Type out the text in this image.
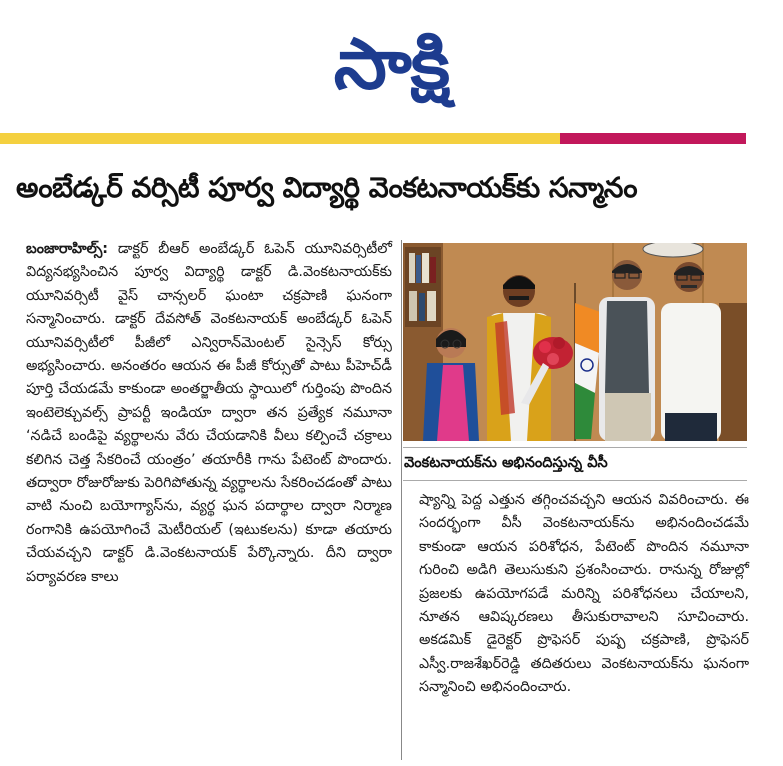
సాక్షి
అంబేడ్కర్ వర్సిటీ పూర్వ విద్యార్థి వెంకటనాయక్‌కు సన్మానం

బంజారాహిల్స్: డాక్టర్ బీఆర్ అంబేడ్కర్ ఓపెన్ యూనివర్సిటీలో విద్యనభ్యసించిన పూర్వ విద్యార్థి డాక్టర్ డి.వెంకటనాయక్‌కు యూనివర్సిటీ వైస్ చాన్సలర్ ఘంటా చక్రపాణి ఘనంగా సన్మానించారు. డాక్టర్ దేవసోత్ వెంకటనాయక్ అంబేడ్కర్ ఓపెన్ యూనివర్సిటీలో పీజీలో ఎన్విరాన్‌మెంటల్ సైన్సెస్ కోర్సు అభ్యసించారు. అనంతరం ఆయన ఈ పీజీ కోర్సుతో పాటు పీహెచ్‌డీ పూర్తి చేయడమే కాకుండా అంతర్జాతీయ స్థాయిలో గుర్తింపు పొందిన ఇంటెలెక్చువల్స్ ప్రాపర్టీ ఇండియా ద్వారా తన ప్రత్యేక నమూనా ‘నడిచే బండిపై వ్యర్థాలను వేరు చేయడానికి వీలు కల్పించే చక్రాలు కలిగిన చెత్త సేకరించే యంత్రం’ తయారీకి గాను పేటెంట్ పొందారు. తద్వారా రోజురోజుకు పెరిగిపోతున్న వ్యర్థాలను సేకరించడంతో పాటు వాటి నుంచి బయోగ్యాస్‌ను, వ్యర్థ ఘన పదార్థాల ద్వారా నిర్మాణ రంగానికి ఉపయోగించే మెటీరియల్ (ఇటుకలను) కూడా తయారు చేయవచ్చని డాక్టర్ డి.వెంకటనాయక్ పేర్కొన్నారు. దీని ద్వారా పర్యావరణ కాలు

వెంకటనాయక్‌ను అభినందిస్తున్న వీసీ

ష్యాన్ని పెద్ద ఎత్తున తగ్గించవచ్చని ఆయన వివరించారు. ఈ సందర్భంగా వీసీ వెంకటనాయక్‌ను అభినందించడమే కాకుండా ఆయన పరిశోధన, పేటెంట్ పొందిన నమూనా గురించి అడిగి తెలుసుకుని ప్రశంసించారు. రానున్న రోజుల్లో ప్రజలకు ఉపయోగపడే మరిన్ని పరిశోధనలు చేయాలని, నూతన ఆవిష్కరణలు తీసుకురావాలని సూచించారు. అకడమిక్ డైరెక్టర్ ప్రొఫెసర్ పుష్ప చక్రపాణి, ప్రొఫెసర్ ఎస్వీ.రాజశేఖర్‌రెడ్డి తదితరులు వెంకటనాయక్‌ను ఘనంగా సన్మానించి అభినందించారు.
